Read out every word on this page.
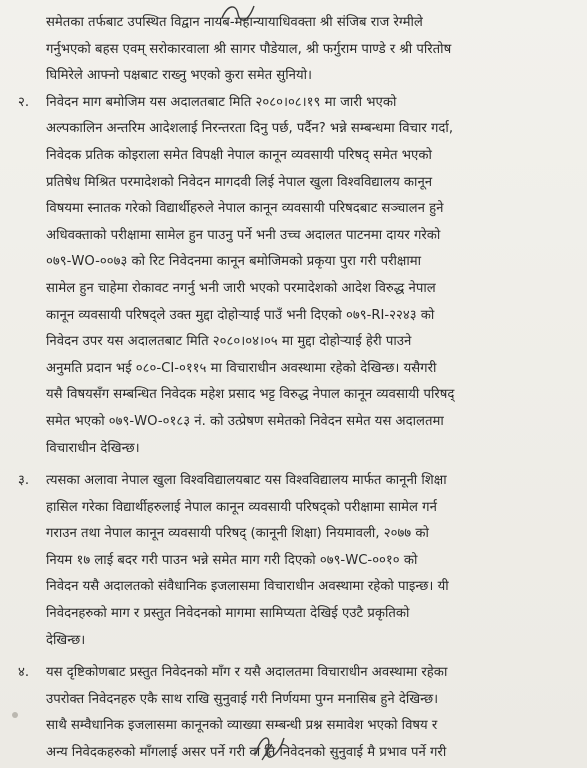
समेतका तर्फबाट उपस्थित विद्वान नायब-महान्यायाधिवक्ता श्री संजिब राज रेग्मीले
गर्नुभएको बहस एवम् सरोकारवाला श्री सागर पौडेयाल, श्री फर्गुराम पाण्डे र श्री परितोष
घिमिरेले आफ्नो पक्षबाट राख्नु भएको कुरा समेत सुनियो।
२. निवेदन माग बमोजिम यस अदालतबाट मिति २०८०।०८।१९ मा जारी भएको
अल्पकालिन अन्तरिम आदेशलाई निरन्तरता दिनु पर्छ, पर्दैन? भन्ने सम्बन्धमा विचार गर्दा,
निवेदक प्रतिक कोइराला समेत विपक्षी नेपाल कानून व्यवसायी परिषद् समेत भएको
प्रतिषेध मिश्रित परमादेशको निवेदन मागदवी लिई नेपाल खुला विश्वविद्यालय कानून
विषयमा स्नातक गरेको विद्यार्थीहरुले नेपाल कानून व्यवसायी परिषदबाट सञ्चालन हुने
अधिवक्ताको परीक्षामा सामेल हुन पाउनु पर्ने भनी उच्च अदालत पाटनमा दायर गरेको
०७९-WO-००७३ को रिट निवेदनमा कानून बमोजिमको प्रकृया पुरा गरी परीक्षामा
सामेल हुन चाहेमा रोकावट नगर्नु भनी जारी भएको परमादेशको आदेश विरुद्ध नेपाल
कानून व्यवसायी परिषद्ले उक्त मुद्दा दोहोऱ्याई पाउँ भनी दिएको ०७९-RI-२२४३ को
निवेदन उपर यस अदालतबाट मिति २०८०।०४।०५ मा मुद्दा दोहोऱ्याई हेरी पाउने
अनुमति प्रदान भई ०८०-CI-०११५ मा विचाराधीन अवस्थामा रहेको देखिन्छ। यसैगरी
यसै विषयसँग सम्बन्धित निवेदक महेश प्रसाद भट्ट विरुद्ध नेपाल कानून व्यवसायी परिषद्
समेत भएको ०७९-WO-०१८३ नं. को उत्प्रेषण समेतको निवेदन समेत यस अदालतमा
विचाराधीन देखिन्छ।
३. त्यसका अलावा नेपाल खुला विश्वविद्यालयबाट यस विश्वविद्यालय मार्फत कानूनी शिक्षा
हासिल गरेका विद्यार्थीहरुलाई नेपाल कानून व्यवसायी परिषद्को परीक्षामा सामेल गर्न
गराउन तथा नेपाल कानून व्यवसायी परिषद् (कानूनी शिक्षा) नियमावली, २०७७ को
नियम १७ लाई बदर गरी पाउन भन्ने समेत माग गरी दिएको ०७९-WC-००१० को
निवेदन यसै अदालतको संवैधानिक इजलासमा विचाराधीन अवस्थामा रहेको पाइन्छ। यी
निवेदनहरुको माग र प्रस्तुत निवेदनको मागमा सामिप्यता देखिई एउटै प्रकृतिको
देखिन्छ।
४. यस दृष्टिकोणबाट प्रस्तुत निवेदनको माँग र यसै अदालतमा विचाराधीन अवस्थामा रहेका
उपरोक्त निवेदनहरु एकै साथ राखि सुनुवाई गरी निर्णयमा पुग्न मनासिब हुने देखिन्छ।
साथै सम्वैधानिक इजलासमा कानूनको व्याख्या सम्बन्धी प्रश्न समावेश भएको विषय र
अन्य निवेदकहरुको माँगलाई असर पर्ने गरी वा ति निवेदनको सुनुवाई मै प्रभाव पर्ने गरी
